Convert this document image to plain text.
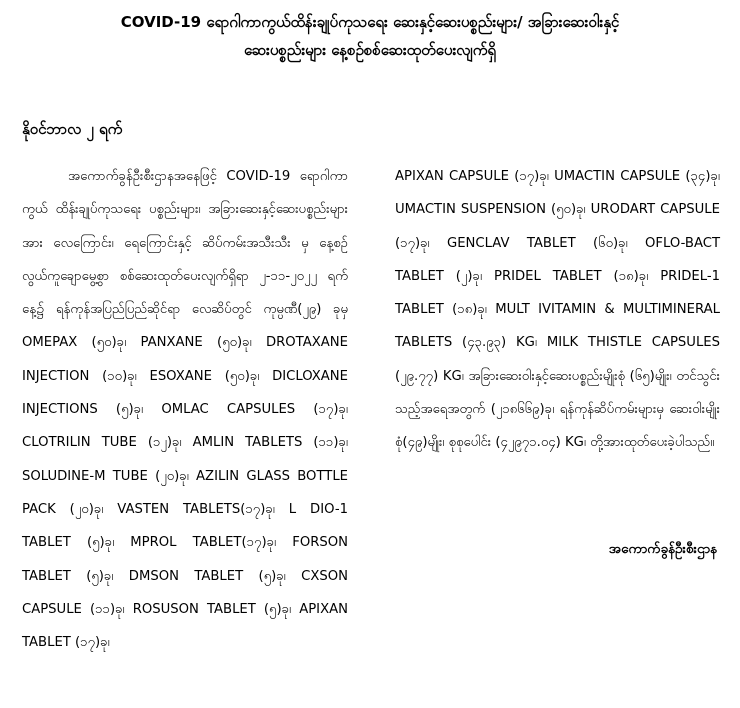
COVID-19 ရောဂါကာကွယ်ထိန်းချုပ်ကုသရေး ဆေးနှင့်ဆေးပစ္စည်းများ/ အခြားဆေးဝါးနှင့်
ဆေးပစ္စည်းများ နေ့စဉ်စစ်ဆေးထုတ်ပေးလျက်ရှိ
နိုဝင်ဘာလ ၂ ရက်

အကောက်ခွန်ဦးစီးဌာနအနေဖြင့် COVID-19 ရောဂါကာကွယ် ထိန်းချုပ်ကုသရေး ပစ္စည်းများ၊ အခြားဆေးနှင့်ဆေးပစ္စည်းများအား လေကြောင်း၊ ရေကြောင်းနှင့် ဆိပ်ကမ်းအသီးသီး မှ နေ့စဉ် လွယ်ကူချောမွေ့စွာ စစ်ဆေးထုတ်ပေးလျက်ရှိရာ ၂-၁၁-၂၀၂၂ ရက်နေ့၌ ရန်ကုန်အပြည်ပြည်ဆိုင်ရာ လေဆိပ်တွင် ကုမ္ပဏီ(၂၉) ခုမှ OMEPAX (၅၀)ခု၊ PANXANE (၅၀)ခု၊ DROTAXANE INJECTION (၁၀)ခု၊ ESOXANE (၅၀)ခု၊ DICLOXANE INJECTIONS (၅)ခု၊ OMLAC CAPSULES (၁၇)ခု၊ CLOTRILIN TUBE (၁၂)ခု၊ AMLIN TABLETS (၁၁)ခု၊ SOLUDINE-M TUBE (၂၀)ခု၊ AZILIN GLASS BOTTLE PACK (၂၀)ခု၊ VASTEN TABLETS(၁၇)ခု၊ L DIO-1 TABLET (၅)ခု၊ MPROL TABLET(၁၇)ခု၊ FORSON TABLET (၅)ခု၊ DMSON TABLET (၅)ခု၊ CXSON CAPSULE (၁၁)ခု၊ ROSUSON TABLET (၅)ခု၊ APIXAN TABLET (၁၇)ခု၊

APIXAN CAPSULE (၁၇)ခု၊ UMACTIN CAPSULE (၃၄)ခု၊ UMACTIN SUSPENSION (၅၀)ခု၊ URODART CAPSULE (၁၇)ခု၊ GENCLAV TABLET (၆၀)ခု၊ OFLO-BACT TABLET (၂)ခု၊ PRIDEL TABLET (၁၈)ခု၊ PRIDEL-1 TABLET (၁၈)ခု၊ MULT IVITAMIN & MULTIMINERAL TABLETS (၄၃.၉၃) KG၊ MILK THISTLE CAPSULES (၂၉.၇၇) KG၊ အခြားဆေးဝါးနှင့်ဆေးပစ္စည်းမျိုးစုံ (၆၅)မျိုး၊ တင်သွင်းသည့်အရေအတွက် (၂၁၈၆၆၉)ခု၊ ရန်ကုန်ဆိပ်ကမ်းများမှ ဆေးဝါးမျိုးစုံ(၄၉)မျိုး၊ စုစုပေါင်း (၄၂၉၇၁.၀၄) KG၊ တို့အားထုတ်ပေးခဲ့ပါသည်။

အကောက်ခွန်ဦးစီးဌာန
